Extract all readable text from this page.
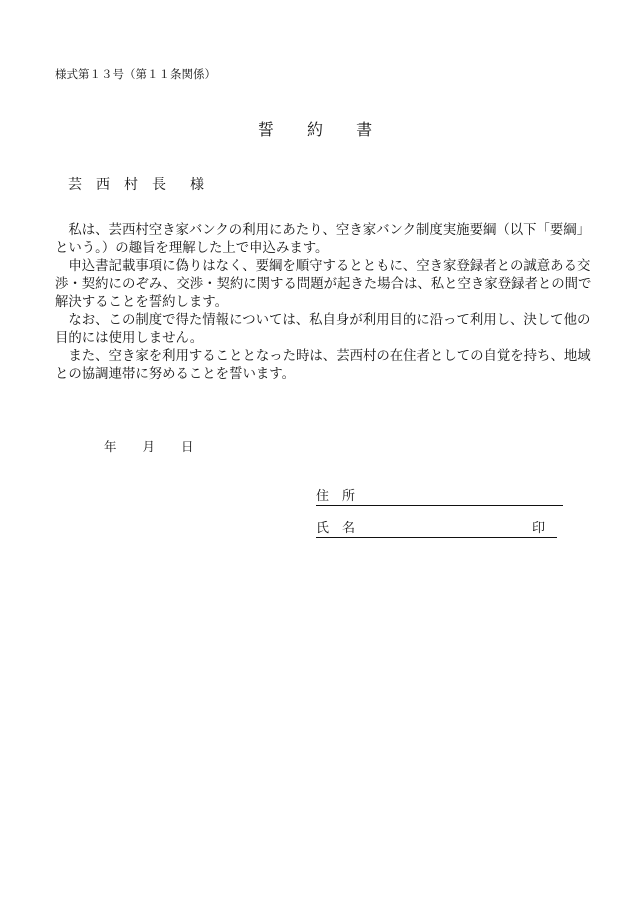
様式第１３号（第１１条関係）
誓 約 書
芸 西 村 長 様

私は、芸西村空き家バンクの利用にあたり、空き家バンク制度実施要綱（以下「要綱」という。）の趣旨を理解した上で申込みます。

申込書記載事項に偽りはなく、要綱を順守するとともに、空き家登録者との誠意ある交渉・契約にのぞみ、交渉・契約に関する問題が起きた場合は、私と空き家登録者との間で解決することを誓約します。

なお、この制度で得た情報については、私自身が利用目的に沿って利用し、決して他の目的には使用しません。

また、空き家を利用することとなった時は、芸西村の在住者としての自覚を持ち、地域との協調連帯に努めることを誓います。

年 月 日
住　所
氏　名	印
